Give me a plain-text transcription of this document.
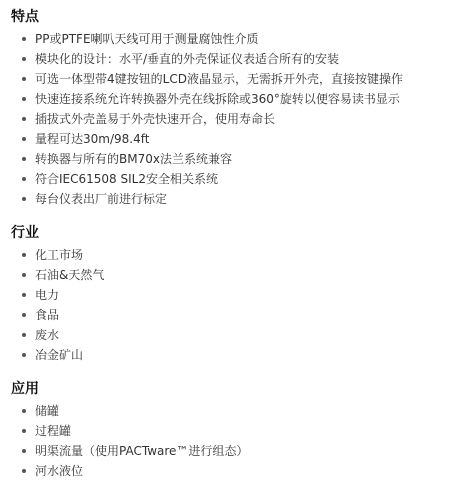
特点
PP或PTFE喇叭天线可用于测量腐蚀性介质
模块化的设计：水平/垂直的外壳保证仪表适合所有的安装
可选一体型带4键按钮的LCD液晶显示，无需拆开外壳，直接按键操作
快速连接系统允许转换器外壳在线拆除或360°旋转以便容易读书显示
插拔式外壳盖易于外壳快速开合，使用寿命长
量程可达30m/98.4ft
转换器与所有的BM70x法兰系统兼容
符合IEC61508 SIL2安全相关系统
每台仪表出厂前进行标定
行业
化工市场
石油&天然气
电力
食品
废水
冶金矿山
应用
储罐
过程罐
明渠流量（使用PACTware™进行组态）
河水液位
